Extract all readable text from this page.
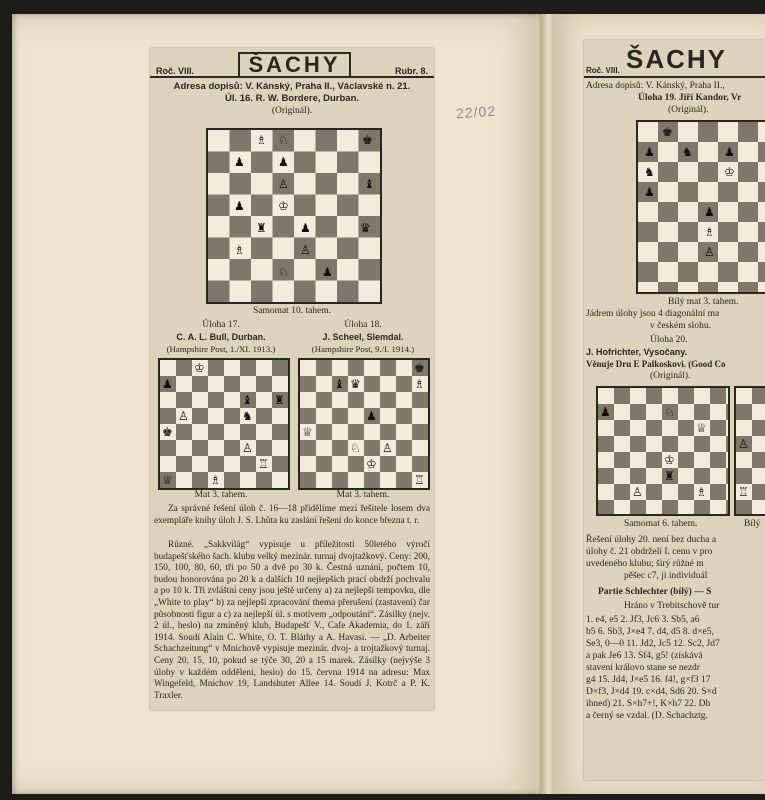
22/02
Roč. VIII.	ŠACHY	Rubr. 8.
Adresa dopisů: V. Kánský, Praha II., Václavské n. 21.
Úl. 16. R. W. Bordere, Durban.
(Originál).
♚
♗ ♘
♟	♟
♙	♝
♔
♟
♜	♟	♛
♗	♙
♘	♟
Samomat 10. tahem.
Úloha 17.	Úloha 18.
C. A. L. Bull, Durban.	J. Scheel, Slemdal.
(Hampshire Post, 1./XI. 1913.)	(Hampshire Post, 9./I. 1914.)
♔
♟
♝
♞
♙
♜
♚
♙
♖
♕	♗
♚
♝ ♛	♗
♟
♕
♘ ♙
♔
♖
Mat 3. tahem.	Mat 3. tahem.
Za správné řešení úloh č. 16—18 přidělíme mezi řešitele losem dva exempláře knihy úloh J. S. Lhůta ku zaslání řešení do konce března t. r.
Různé. „Sakkvilág“ vypisuje u příležitosti 50letého výročí budapešťského šach. klubu velký mezinár. turnaj dvojtažkový. Ceny: 200, 150, 100, 80, 60, tři po 50 a dvě po 30 k. Čestná uznání, počtem 10, budou honorována po 20 k a dalších 10 nejlepších prací obdrží pochvalu a po 10 k. Tři zvláštní ceny jsou ještě určeny a) za nejlepší tempovku, dle „White to play“ b) za nejlepší zpracování thema přerušení (zastavení) čar působnosti figur a c) za nejlepší úl. s motivem „odpoutání“. Zásilky (nejv. 2 úl., heslo) na zmíněný klub, Budapešť V., Cafe Akademia, do 1. září 1914. Soudí Alain C. White, O. T. Bláthy a A. Havasi. — „D. Arbeiter Schachzeitung“ v Mnichově vypisuje mezinár. dvoj- a trojtažkový turnaj. Ceny 20, 15, 10, pokud se týče 30, 20 a 15 marek. Zásilky (nejvýše 3 úlohy v každém oddělení, heslo) do 15. června 1914 na adresu: Max Wingefeld, Mnichov 19, Landshuter Allee 14. Soudí J. Kotrč a P. K. Traxler.
Roč. VIII. ŠACHY
Adresa dopisů: V. Kánský, Praha II.,
Úloha 19. Jiří Kandor, Vr
(Originál).
♚
♟ ♞	♟
♞	♔
♟
♟
♗
♙
Bílý mat 3. tahem.
Jádrem úlohy jsou 4 diagonální ma
v českém slohu.
Úloha 20.
J. Hofrichter, Vysočany.
Věnuje Dru E Palkoskovi. (Good Co
(Originál).
♟	♘
♕
♔
♜
♗
♙
♙
♖
Samomat 6. tahem.	Bílý
Řešení úlohy 20. není bez ducha a
úlohy č. 21 obdrželi I. cenu v pro
uvedeného klubu; širý růžné m
pěšec c7, ji individuál
Partie Schlechter (bílý) — S
Hráno v Trebitschově tur
1. e4, e5 2. Jf3, Jc6 3. Sb5, a6
b5 6. Sb3, J×e4 7. d4, d5 8. d×e5,
Se3, 0—0 11. Jd2, Jc5 12. Sc2, Jd7
a pak Je6 13. Sf4, g5! (získává
stavení královo stane se nezdr
g4 15. Jd4, J×e5 16. f4!, g×f3 17
D×f3, J×d4 19. c×d4, Sd6 20. S×d
ihned) 21. S×h7+!, K×h7 22. Dh
a černý se vzdal. (D. Schachztg.
